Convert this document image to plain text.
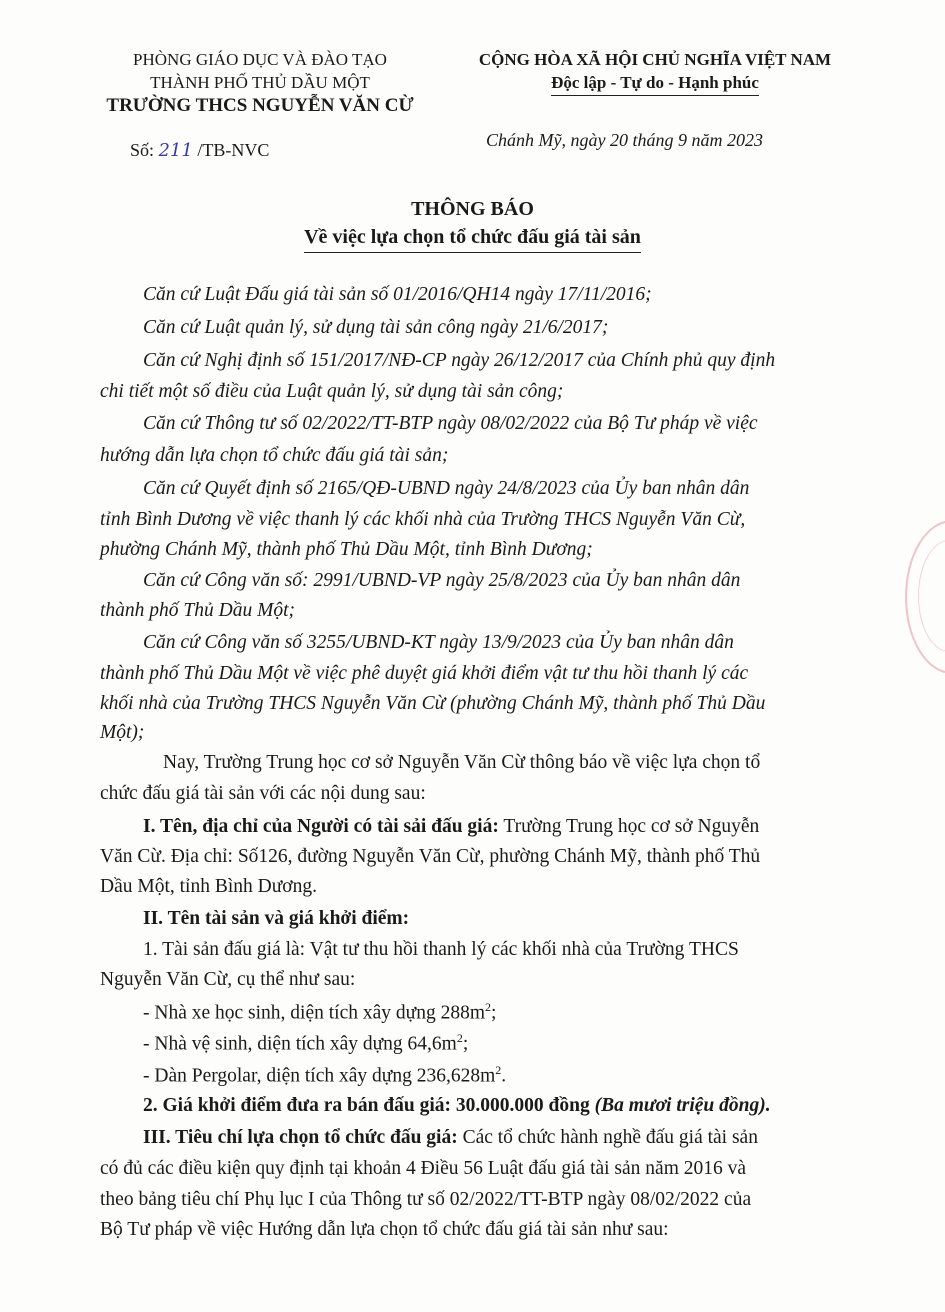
PHÒNG GIÁO DỤC VÀ ĐÀO TẠO
THÀNH PHỐ THỦ DẦU MỘT
TRƯỜNG THCS NGUYỄN VĂN CỪ
CỘNG HÒA XÃ HỘI CHỦ NGHĨA VIỆT NAM
Độc lập - Tự do - Hạnh phúc
Số: 211 /TB-NVC	Chánh Mỹ, ngày 20 tháng 9 năm 2023
THÔNG BÁO
Về việc lựa chọn tổ chức đấu giá tài sản
Căn cứ Luật Đấu giá tài sản số 01/2016/QH14 ngày 17/11/2016;
Căn cứ Luật quản lý, sử dụng tài sản công ngày 21/6/2017;
Căn cứ Nghị định số 151/2017/NĐ-CP ngày 26/12/2017 của Chính phủ quy định
chi tiết một số điều của Luật quản lý, sử dụng tài sản công;
Căn cứ Thông tư số 02/2022/TT-BTP ngày 08/02/2022 của Bộ Tư pháp về việc
hướng dẫn lựa chọn tổ chức đấu giá tài sản;
Căn cứ Quyết định số 2165/QĐ-UBND ngày 24/8/2023 của Ủy ban nhân dân
tỉnh Bình Dương về việc thanh lý các khối nhà của Trường THCS Nguyễn Văn Cừ,
phường Chánh Mỹ, thành phố Thủ Dầu Một, tỉnh Bình Dương;
Căn cứ Công văn số: 2991/UBND-VP ngày 25/8/2023 của Ủy ban nhân dân
thành phố Thủ Dầu Một;
Căn cứ Công văn số 3255/UBND-KT ngày 13/9/2023 của Ủy ban nhân dân
thành phố Thủ Dầu Một về việc phê duyệt giá khởi điểm vật tư thu hồi thanh lý các
khối nhà của Trường THCS Nguyễn Văn Cừ (phường Chánh Mỹ, thành phố Thủ Dầu
Một);
Nay, Trường Trung học cơ sở Nguyễn Văn Cừ thông báo về việc lựa chọn tổ
chức đấu giá tài sản với các nội dung sau:
I. Tên, địa chỉ của Người có tài sải đấu giá: Trường Trung học cơ sở Nguyễn
Văn Cừ. Địa chỉ: Số126, đường Nguyễn Văn Cừ, phường Chánh Mỹ, thành phố Thủ
Dầu Một, tỉnh Bình Dương.
II. Tên tài sản và giá khởi điểm:
1. Tài sản đấu giá là: Vật tư thu hồi thanh lý các khối nhà của Trường THCS
Nguyễn Văn Cừ, cụ thể như sau:
- Nhà xe học sinh, diện tích xây dựng $288m^2$;
- Nhà vệ sinh, diện tích xây dựng $64,6m^2$;
- Dàn Pergolar, diện tích xây dựng $236,628m^2$.
2. Giá khởi điểm đưa ra bán đấu giá: 30.000.000 đồng (Ba mươi triệu đồng).
III. Tiêu chí lựa chọn tổ chức đấu giá: Các tổ chức hành nghề đấu giá tài sản
có đủ các điều kiện quy định tại khoản 4 Điều 56 Luật đấu giá tài sản năm 2016 và
theo bảng tiêu chí Phụ lục I của Thông tư số 02/2022/TT-BTP ngày 08/02/2022 của
Bộ Tư pháp về việc Hướng dẫn lựa chọn tổ chức đấu giá tài sản như sau:
